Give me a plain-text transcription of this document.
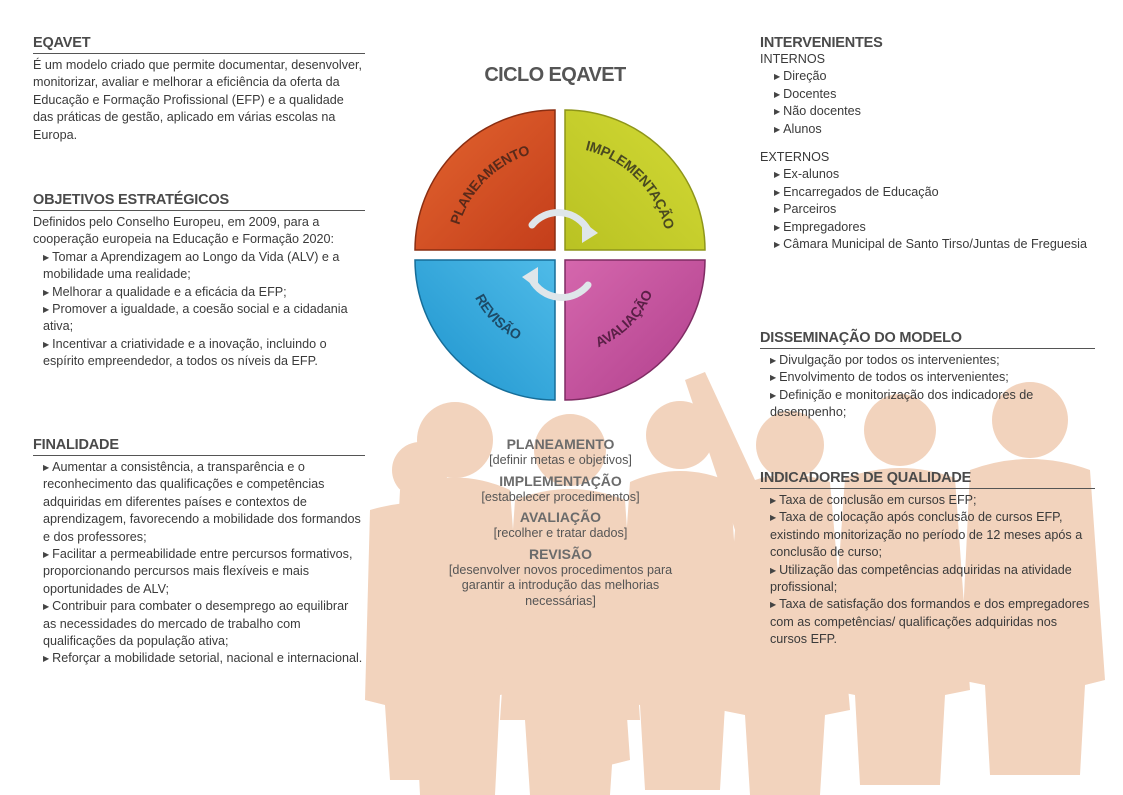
EQAVET

É um modelo criado que permite documentar, desenvolver, monitorizar, avaliar e melhorar a eficiência da oferta da Educação e Formação Profissional (EFP) e a qualidade das práticas de gestão, aplicado em várias escolas na Europa.

OBJETIVOS ESTRATÉGICOS

Definidos pelo Conselho Europeu, em 2009, para a cooperação europeia na Educação e Formação 2020:

▶ Tomar a Aprendizagem ao Longo da Vida (ALV) e a mobilidade uma realidade;

▶ Melhorar a qualidade e a eficácia da EFP;

▶ Promover a igualdade, a coesão social e a cidadania ativa;

▶ Incentivar a criatividade e a inovação, incluindo o espírito empreendedor, a todos os níveis da EFP.

FINALIDADE

▶ Aumentar a consistência, a transparência e o reconhecimento das qualificações e competências adquiridas em diferentes países e contextos de aprendizagem, favorecendo a mobilidade dos formandos e dos professores;

▶ Facilitar a permeabilidade entre percursos formativos, proporcionando percursos mais flexíveis e mais oportunidades de ALV;

▶ Contribuir para combater o desemprego ao equilibrar as necessidades do mercado de trabalho com qualificações da população ativa;

▶ Reforçar a mobilidade setorial, nacional e internacional.

CICLO EQAVET
PLANEAMENTO	IMPLEMENTAÇÃO
REVISÃO	AVALIAÇÃO
PLANEAMENTO
[definir metas e objetivos]
IMPLEMENTAÇÃO
[estabelecer procedimentos]
AVALIAÇÃO
[recolher e tratar dados]
REVISÃO
[desenvolver novos procedimentos para garantir a introdução das melhorias necessárias]
INTERVENIENTES

INTERNOS

▶ Direção

▶ Docentes

▶ Não docentes

▶ Alunos

EXTERNOS

▶ Ex-alunos

▶ Encarregados de Educação

▶ Parceiros

▶ Empregadores

▶ Câmara Municipal de Santo Tirso/Juntas de Freguesia

DISSEMINAÇÃO DO MODELO

▶ Divulgação por todos os intervenientes;

▶ Envolvimento de todos os intervenientes;

▶ Definição e monitorização dos indicadores de desempenho;

INDICADORES DE QUALIDADE

▶ Taxa de conclusão em cursos EFP;

▶ Taxa de colocação após conclusão de cursos EFP, existindo monitorização no período de 12 meses após a conclusão de curso;

▶ Utilização das competências adquiridas na atividade profissional;

▶ Taxa de satisfação dos formandos e dos empregadores com as competências/ qualificações adquiridas nos cursos EFP.
